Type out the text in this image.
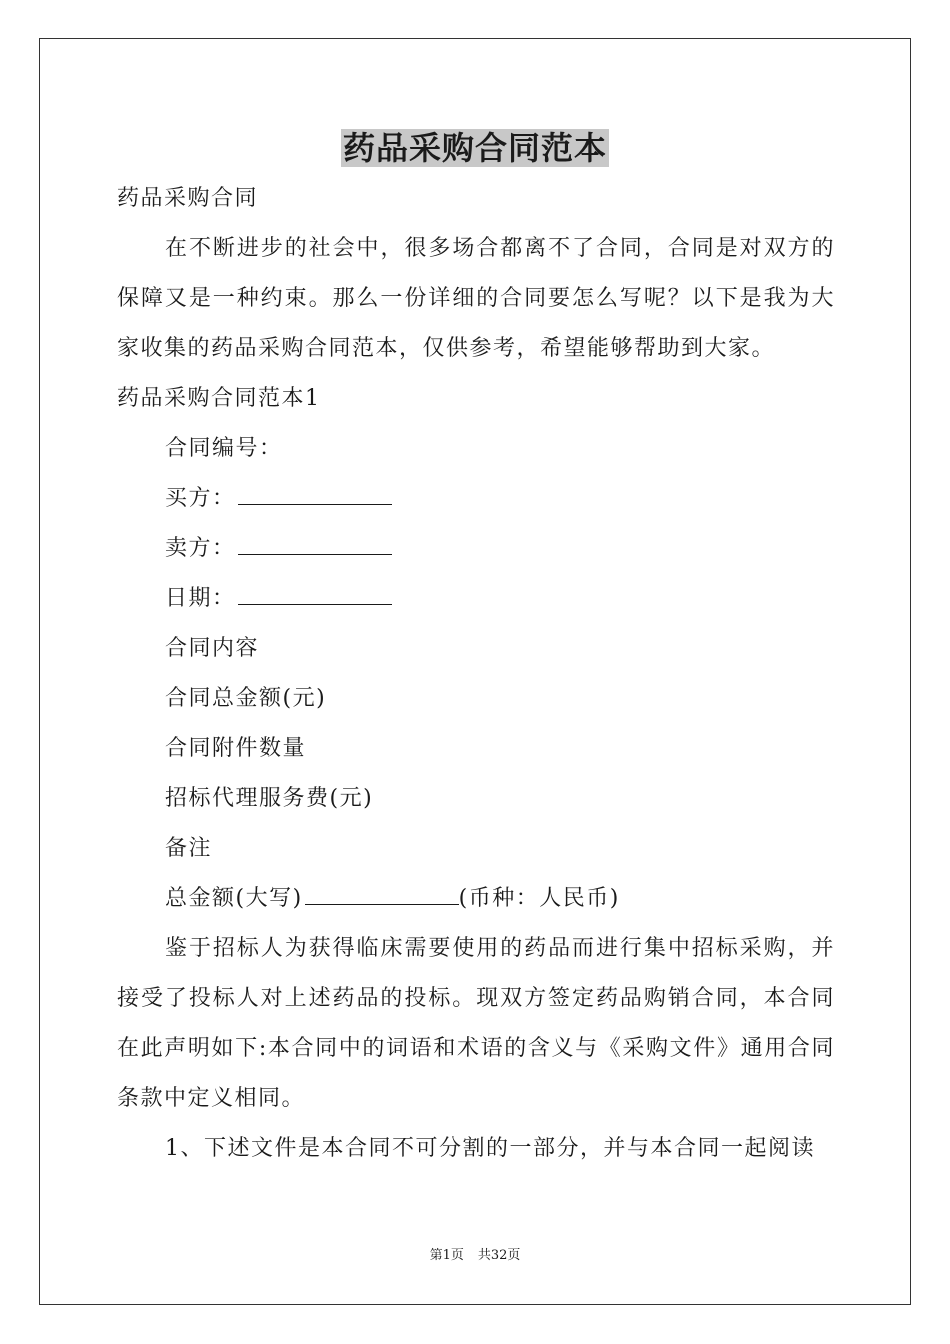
药品采购合同范本

药品采购合同

在不断进步的社会中，很多场合都离不了合同，合同是对双方的保障又是一种约束。那么一份详细的合同要怎么写呢？以下是我为大家收集的药品采购合同范本，仅供参考，希望能够帮助到大家。

药品采购合同范本1

合同编号：

买方：

卖方：

日期：

合同内容

合同总金额(元)

合同附件数量

招标代理服务费(元)

备注

总金额(大写)	(币种：人民币)

鉴于招标人为获得临床需要使用的药品而进行集中招标采购，并接受了投标人对上述药品的投标。现双方签定药品购销合同，本合同在此声明如下:本合同中的词语和术语的含义与《采购文件》通用合同条款中定义相同。

1、下述文件是本合同不可分割的一部分，并与本合同一起阅读

第1页 共32页
